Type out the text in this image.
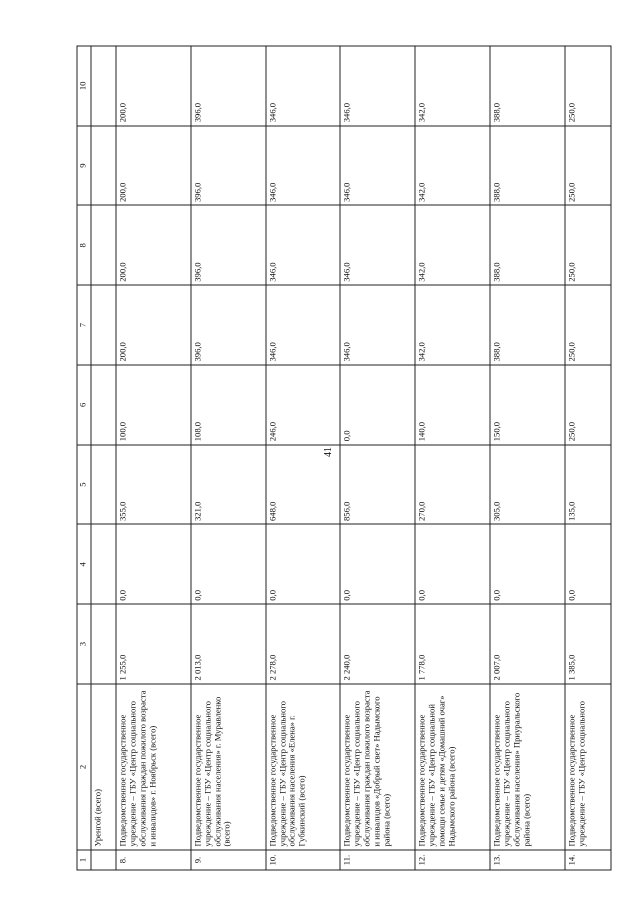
41
1	2	3	4	5	6	7	8	9	10
	Уренгой (всего)								
8.	Подведомственное государственное учреждение – ГБУ «Центр социального обслуживания граждан пожилого возраста и инвалидов» г. Ноябрьск (всего)	1 255,0	0,0	355,0	100,0	200,0	200,0	200,0	200,0
9.	Подведомственное государственное учреждение – ГБУ «Центр социального обслуживания населения» г. Муравленко (всего)	2 013,0	0,0	321,0	108,0	396,0	396,0	396,0	396,0
10.	Подведомственное государственное учреждение – ГБУ «Центр социального обслуживания населения «Елена» г. Губкинский (всего)	2 278,0	0,0	648,0	246,0	346,0	346,0	346,0	346,0
11.	Подведомственное государственное учреждение – ГБУ «Центр социального обслуживания граждан пожилого возраста и инвалидов «Добрый свет» Надымского района (всего)	2 240,0	0,0	856,0	0,0	346,0	346,0	346,0	346,0
12.	Подведомственное государственное учреждение – ГБУ «Центр социальной помощи семье и детям «Домашний очаг» Надымского района (всего)	1 778,0	0,0	270,0	140,0	342,0	342,0	342,0	342,0
13.	Подведомственное государственное учреждение – ГБУ «Центр социального обслуживания населения» Приуральского района (всего)	2 007,0	0,0	305,0	150,0	388,0	388,0	388,0	388,0
14.	Подведомственное государственное учреждение – ГБУ «Центр социального	1 385,0	0,0	135,0	250,0	250,0	250,0	250,0	250,0
